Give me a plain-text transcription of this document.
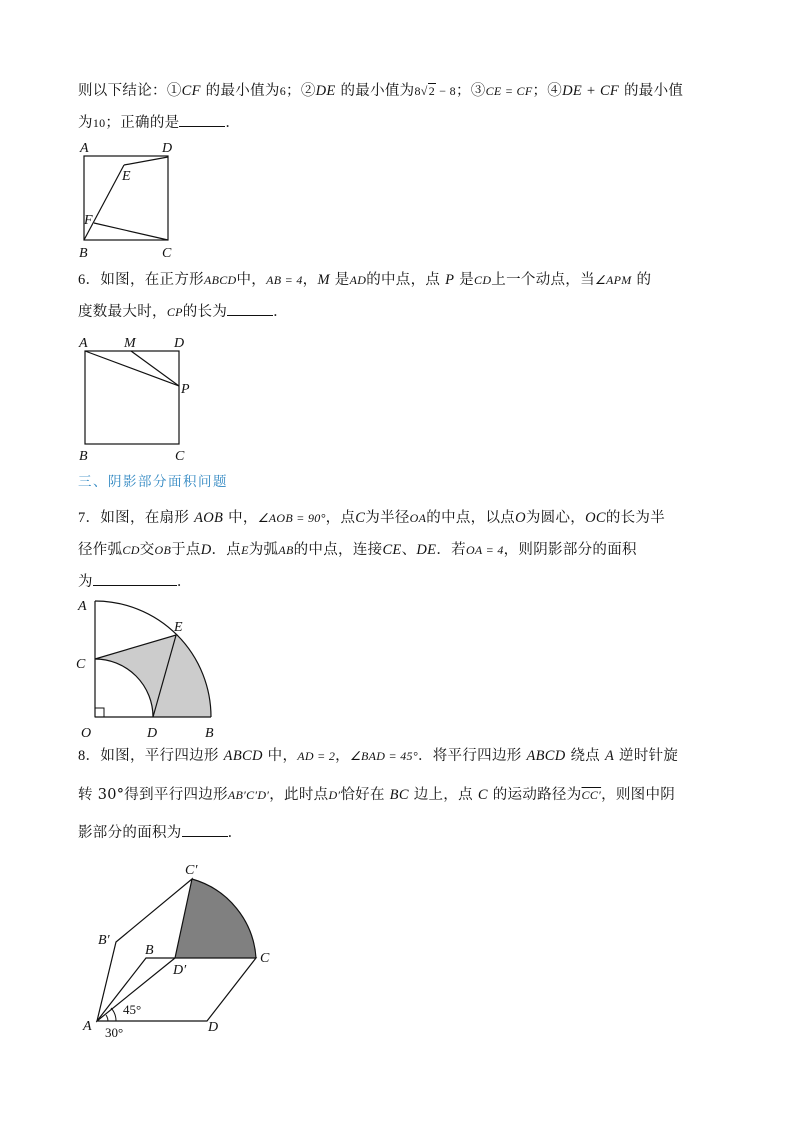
则以下结论：①CF 的最小值为6；②DE 的最小值为8√2 − 8；③CE = CF；④DE + CF 的最小值
为10；正确的是	．
A	D
E
F
B	C
6．如图，在正方形ABCD中，AB = 4，M 是AD的中点，点 P 是CD上一个动点，当∠APM 的
度数最大时，CP的长为	．
A	M	D
P
B	C
三、阴影部分面积问题
7．如图，在扇形 AOB 中，∠AOB = 90°，点C为半径OA的中点，以点O为圆心，OC的长为半
径作弧CD交OB于点D．点E为弧AB的中点，连接CE、DE．若OA = 4，则阴影部分的面积
为	．
A
E
C
O	D	B
8．如图，平行四边形 ABCD 中，AD = 2，∠BAD = 45°．将平行四边形 ABCD 绕点 A 逆时针旋
转 30°得到平行四边形AB′C′D′，此时点D′恰好在 BC 边上，点 C 的运动路径为CC′，则图中阴
影部分的面积为	．
C′
B′
B
C
D′
A	D
45°
30°
